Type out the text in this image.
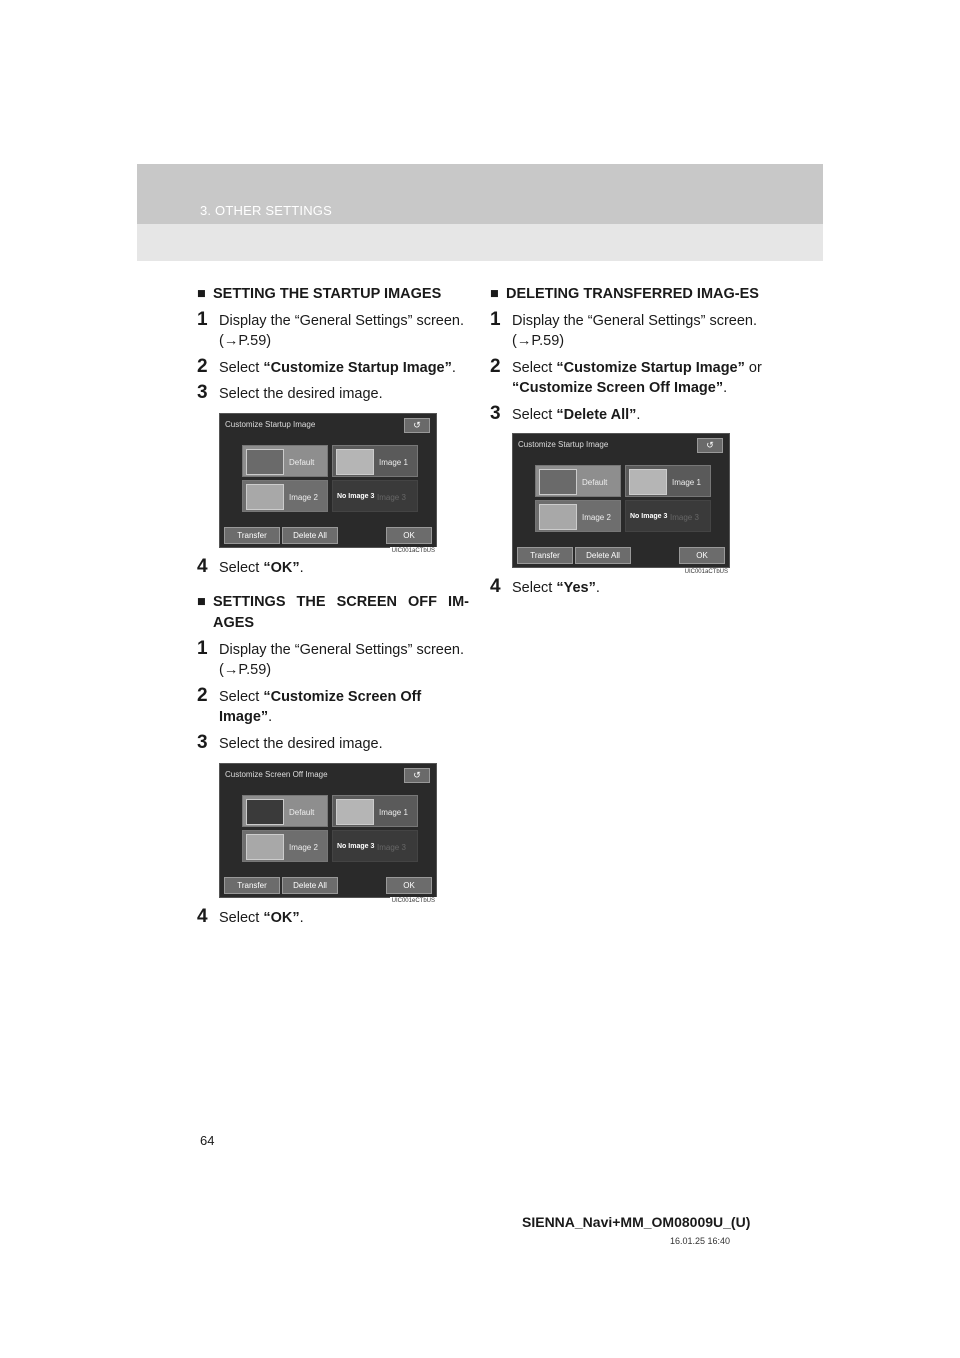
3. OTHER SETTINGS
■ SETTING THE STARTUP IMAGES
1 Display the “General Settings” screen. (→P.59)
2 Select “Customize Startup Image”.
3 Select the desired image.
Customize Startup Image	↺
Default	Image 1
Image 2	No Image 3 Image 3
Transfer	Delete All	OK
UIC001aCTbUS
4 Select “OK”.
■ SETTINGS THE SCREEN OFF IM-AGES
1 Display the “General Settings” screen. (→P.59)
2 Select “Customize Screen Off Image”.
3 Select the desired image.
Customize Screen Off Image	↺
Default	Image 1
Image 2	No Image 3 Image 3
Transfer	Delete All	OK
UIC001eCTbUS
4 Select “OK”.
■ DELETING TRANSFERRED IMAG-ES
1 Display the “General Settings” screen. (→P.59)
2 Select “Customize Startup Image” or “Customize Screen Off Image”.
3 Select “Delete All”.
Customize Startup Image	↺
Default	Image 1
Image 2	No Image 3 Image 3
Transfer	Delete All	OK
UIC001aCTbUS
4 Select “Yes”.
64
SIENNA_Navi+MM_OM08009U_(U)
16.01.25 16:40
